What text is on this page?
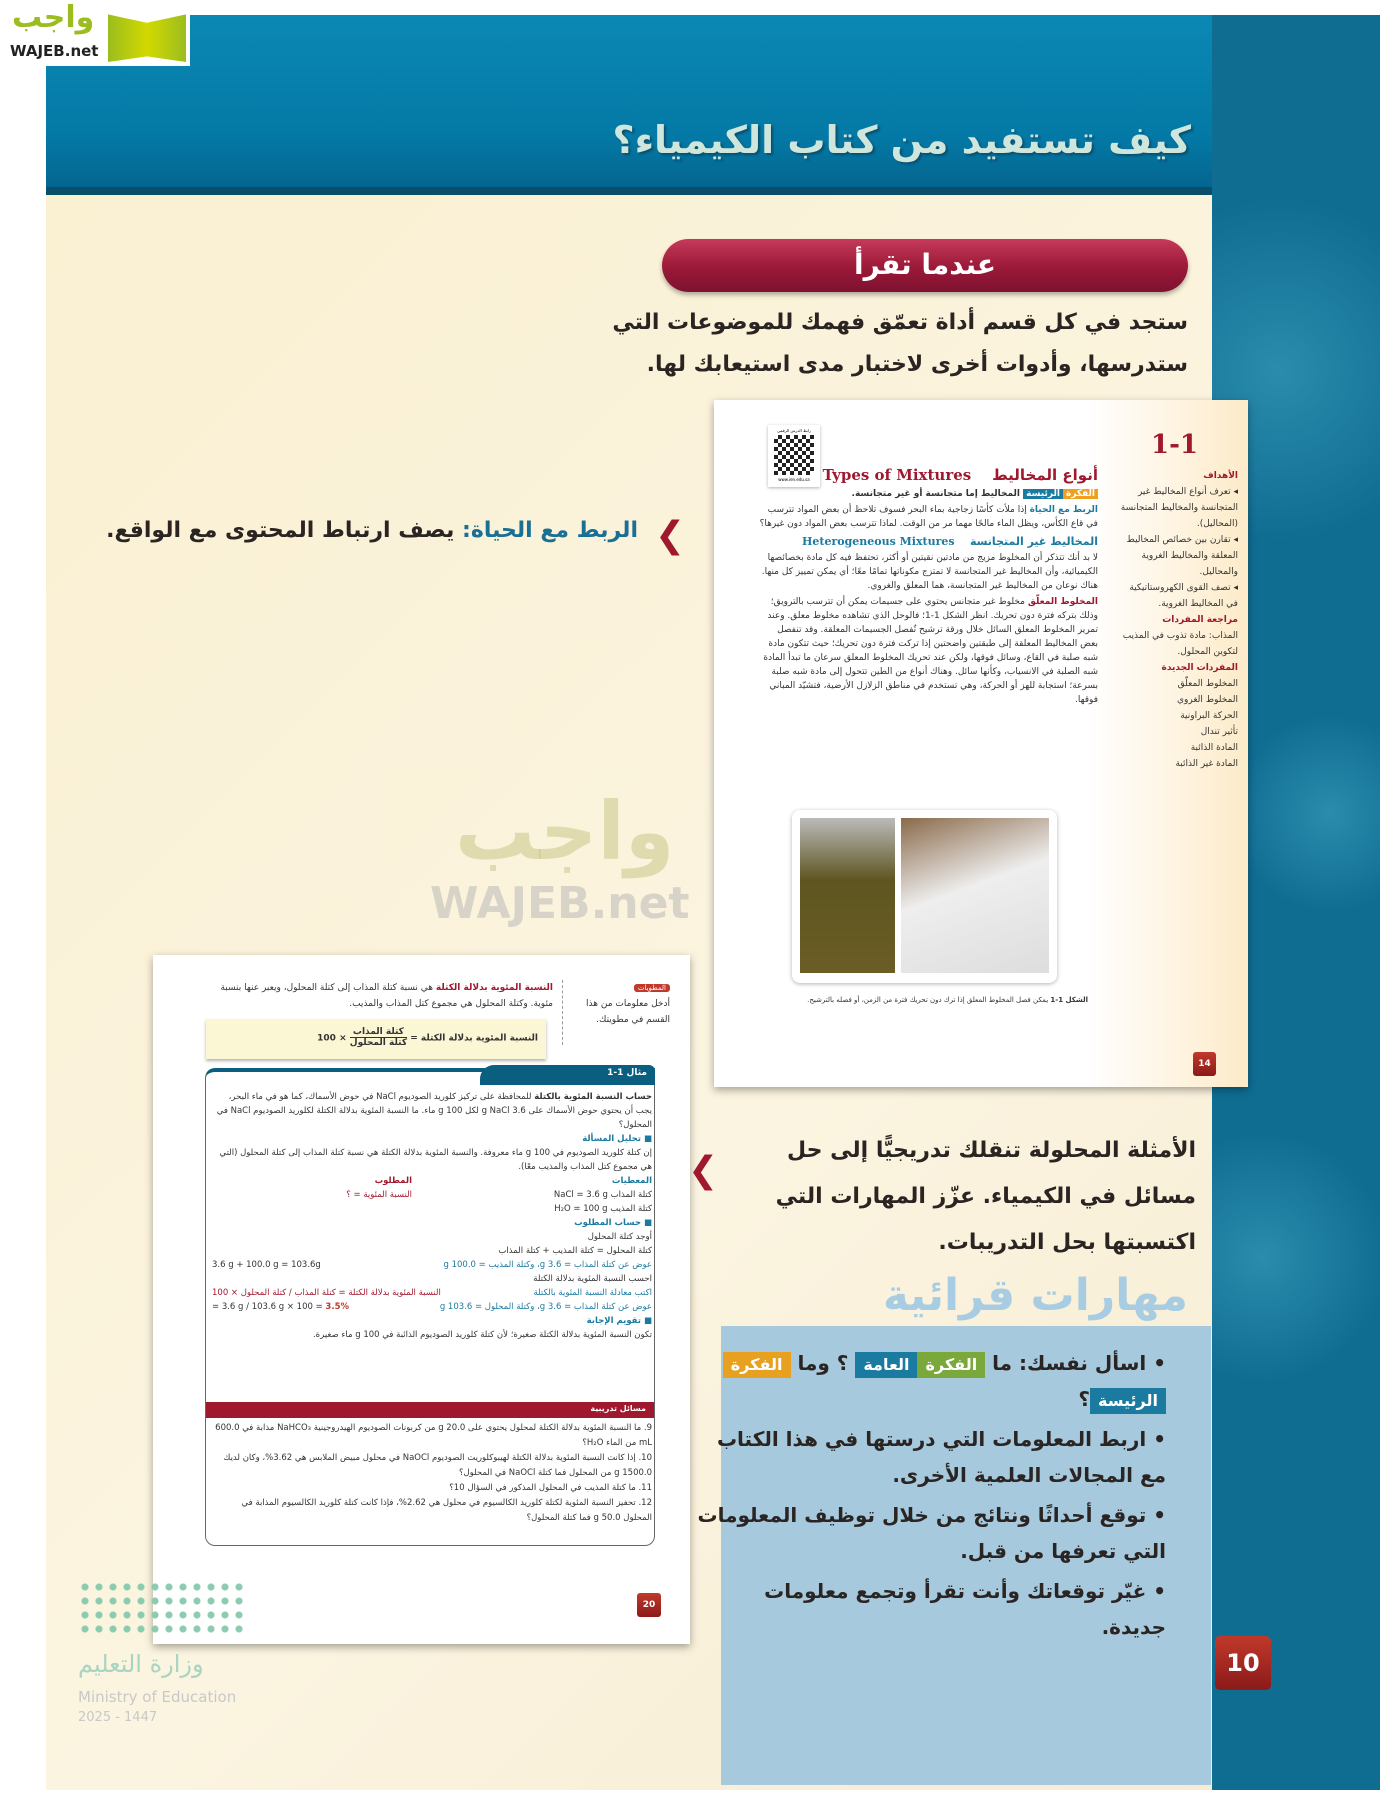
كيف تستفيد من كتاب الكيمياء؟
واجب
WAJEB.net
عندما تقرأ
ستجد في كل قسم أداة تعمّق فهمك للموضوعات التي ستدرسها، وأدوات أخرى لاختبار مدى استيعابك لها.
الربط مع الحياة: يصف ارتباط المحتوى مع الواقع.	❮
رابط الدرس الرقمي
www.ien.edu.sa
1-1
أنواع المخاليط    Types of Mixtures
الفكرةالرئيسة المخاليط إما متجانسة أو غير متجانسة.
الربط مع الحياة إذا ملأت كأسًا زجاجية بماء البحر فسوف تلاحظ أن بعض المواد تترسب في قاع الكأس، ويظل الماء مالحًا مهما مر من الوقت. لماذا تترسب بعض المواد دون غيرها؟
المخاليط غير المتجانسة    Heterogeneous Mixtures
لا بد أنك تتذكر أن المخلوط مزيج من مادتين نقيتين أو أكثر، تحتفظ فيه كل مادة بخصائصها الكيميائية، وأن المخاليط غير المتجانسة لا تمتزج مكوناتها تمامًا معًا؛ أي يمكن تمييز كل منها. هناك نوعان من المخاليط غير المتجانسة، هما المعلق والغروي.
المخلوط المعلّق مخلوط غير متجانس يحتوي على جسيمات يمكن أن تترسب بالترويق؛ وذلك بتركه فترة دون تحريك. انظر الشكل 1-1؛ فالوحل الذي تشاهده مخلوط معلق. وعند تمرير المخلوط المعلق السائل خلال ورقة ترشيح تُفصل الجسيمات المعلقة. وقد تنفصل بعض المخاليط المعلقة إلى طبقتين واضحتين إذا تركت فترة دون تحريك؛ حيث تتكون مادة شبه صلبة في القاع، وسائل فوقها، ولكن عند تحريك المخلوط المعلق سرعان ما تبدأ المادة شبه الصلبة في الانسياب، وكأنها سائل. وهناك أنواع من الطين تتحول إلى مادة شبه صلبة بسرعة؛ استجابة للهز أو الحركة، وهي تستخدم في مناطق الزلازل الأرضية، فتشيّد المباني فوقها.
الأهداف
◂ تعرف أنواع المخاليط غير المتجانسة والمخاليط المتجانسة (المحاليل).
◂ تقارن بين خصائص المخاليط المعلقة والمخاليط الغروية والمحاليل.
◂ تصف القوى الكهروستاتيكية في المخاليط الغروية.
مراجعة المفردات
المذاب: مادة تذوب في المذيب لتكوين المحلول.
المفردات الجديدة
المخلوط المعلّق
المخلوط الغروي
الحركة البراونية
تأثير تندال
المادة الذائبة
المادة غير الذائبة
الشكل 1-1 يمكن فصل المخلوط المعلق إذا ترك دون تحريك فترة من الزمن، أو فصله بالترشيح.
14
المطويات
أدخل معلومات من هذا القسم في مطويتك.
النسبة المئوية بدلالة الكتلة هي نسبة كتلة المذاب إلى كتلة المحلول، ويعبر عنها بنسبة مئوية. وكتلة المحلول هي مجموع كتل المذاب والمذيب.
النسبة المئوية بدلالة الكتلة = كتلة المذاب
كتلة المحلول × 100
مثال 1-1
حساب النسبة المئوية بالكتلة للمحافظة على تركيز كلوريد الصوديوم NaCl في حوض الأسماك، كما هو في ماء البحر، يجب أن يحتوي حوض الأسماك على 3.6 g NaCl لكل 100 g ماء. ما النسبة المئوية بدلالة الكتلة لكلوريد الصوديوم NaCl في المحلول؟
■ تحليل المسألة
إن كتلة كلوريد الصوديوم في 100 g ماء معروفة. والنسبة المئوية بدلالة الكتلة هي نسبة كتلة المذاب إلى كتلة المحلول (التي هي مجموع كتل المذاب والمذيب معًا).
المعطيات
كتلة المذاب NaCl = 3.6 g
كتلة المذيب H₂O = 100 g
المطلوب
النسبة المئوية = ؟
■ حساب المطلوب
أوجد كتلة المحلول
كتلة المحلول = كتلة المذيب + كتلة المذاب
عوض عن كتلة المذاب = 3.6 g، وكتلة المذيب = 100.0 g
3.6 g + 100.0 g = 103.6g
احسب النسبة المئوية بدلالة الكتلة
اكتب معادلة النسبة المئوية بالكتلة
النسبة المئوية بدلالة الكتلة = كتلة المذاب / كتلة المحلول × 100
عوض عن كتلة المذاب = 3.6 g، وكتلة المحلول = 103.6 g
= 3.6 g / 103.6 g × 100 = 3.5%
■ تقويم الإجابة
تكون النسبة المئوية بدلالة الكتلة صغيرة؛ لأن كتلة كلوريد الصوديوم الذائبة في 100 g ماء صغيرة.
مسائل تدريبية
9. ما النسبة المئوية بدلالة الكتلة لمحلول يحتوي على 20.0 g من كربونات الصوديوم الهيدروجينية NaHCO₃ مذابة في 600.0 mL من الماء H₂O؟
10. إذا كانت النسبة المئوية بدلالة الكتلة لهيبوكلوريت الصوديوم NaOCl في محلول مبيض الملابس هي 3.62%، وكان لديك 1500.0 g من المحلول فما كتلة NaOCl في المحلول؟
11. ما كتلة المذيب في المحلول المذكور في السؤال 10؟
12. تحفيز النسبة المئوية لكتلة كلوريد الكالسيوم في محلول هي 2.62%، فإذا كانت كتلة كلوريد الكالسيوم المذابة في المحلول 50.0 g فما كتلة المحلول؟
20
واجب
WAJEB.net
الأمثلة المحلولة تنقلك تدريجيًّا إلى حل مسائل في الكيمياء. عزّز المهارات التي اكتسبتها بحل التدريبات.
❮
مهارات قرائية
• اسأل نفسك: ما الفكرةالعامة ؟ وما الفكرةالرئيسة؟
• اربط المعلومات التي درستها في هذا الكتاب مع المجالات العلمية الأخرى.
• توقع أحداثًا ونتائج من خلال توظيف المعلومات التي تعرفها من قبل.
• غيّر توقعاتك وأنت تقرأ وتجمع معلومات جديدة.
10
وزارة التعليم
Ministry of Education
2025 - 1447
